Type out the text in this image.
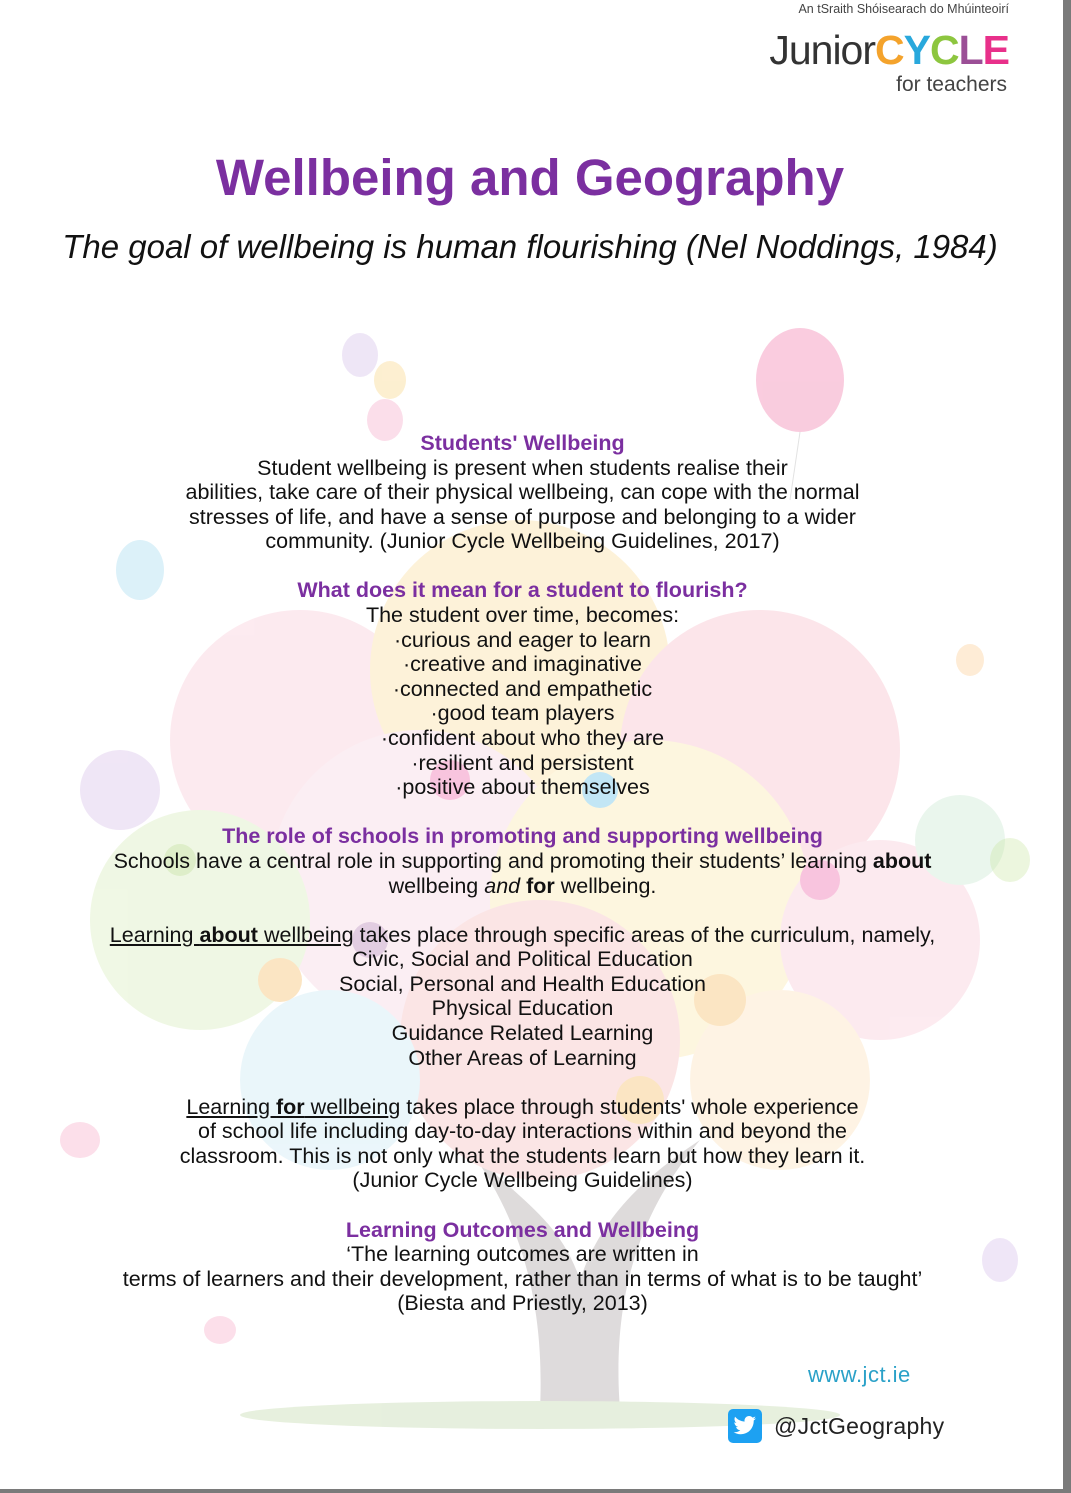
An tSraith Shóisearach do Mhúinteoirí
JuniorCYCLE
for teachers
Wellbeing and Geography
The goal of wellbeing is human flourishing (Nel Noddings, 1984)

Students' Wellbeing

Student wellbeing is present when students realise their

abilities, take care of their physical wellbeing, can cope with the normal

stresses of life, and have a sense of purpose and belonging to a wider

community. (Junior Cycle Wellbeing Guidelines, 2017)

What does it mean for a student to flourish?

The student over time, becomes:

·curious and eager to learn

·creative and imaginative

·connected and empathetic

·good team players

·confident about who they are

·resilient and persistent

·positive about themselves

The role of schools in promoting and supporting wellbeing

Schools have a central role in supporting and promoting their students’ learning about

wellbeing and for wellbeing.

Learning about wellbeing takes place through specific areas of the curriculum, namely,

Civic, Social and Political Education

Social, Personal and Health Education

Physical Education

Guidance Related Learning

Other Areas of Learning

Learning for wellbeing takes place through students' whole experience

of school life including day-to-day interactions within and beyond the

classroom. This is not only what the students learn but how they learn it.

(Junior Cycle Wellbeing Guidelines)

Learning Outcomes and Wellbeing

‘The learning outcomes are written in

terms of learners and their development, rather than in terms of what is to be taught’

(Biesta and Priestly, 2013)

www.jct.ie
@JctGeography
